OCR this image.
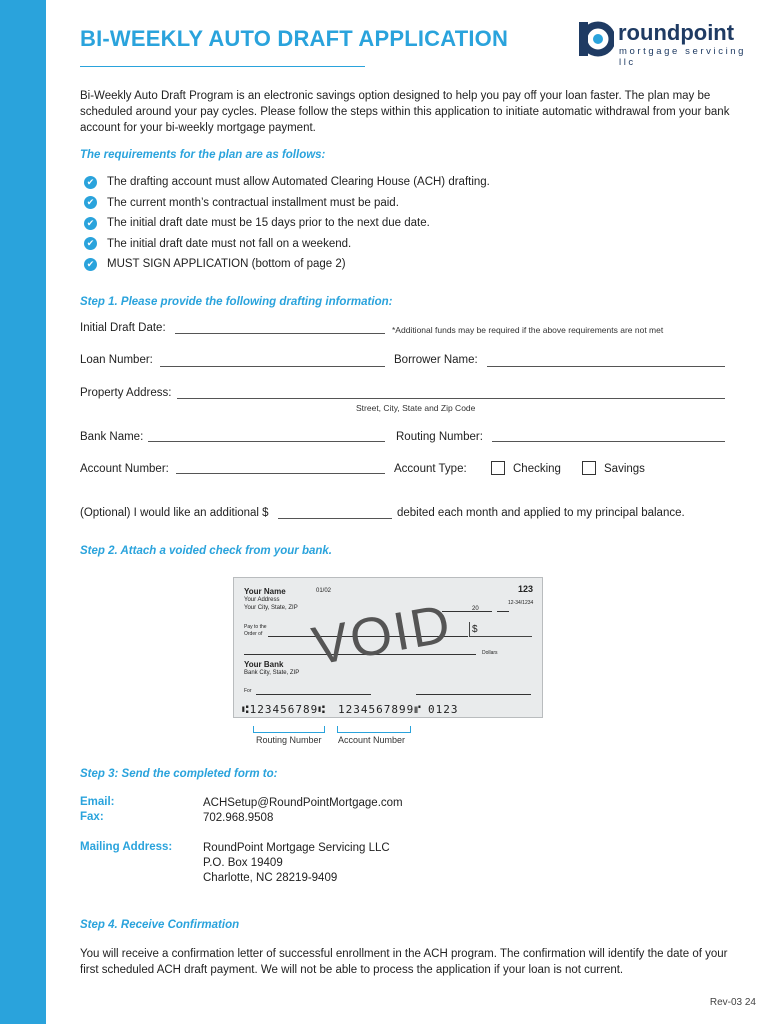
BI-WEEKLY AUTO DRAFT APPLICATION	roundpoint
mortgage servicing llc
Bi-Weekly Auto Draft Program is an electronic savings option designed to help you pay off your loan faster. The plan may be scheduled around your pay cycles. Please follow the steps within this application to initiate automatic withdrawal from your bank account for your bi-weekly mortgage payment.
The requirements for the plan are as follows:
✔ The drafting account must allow Automated Clearing House (ACH) drafting.
✔ The current month’s contractual installment must be paid.
✔ The initial draft date must be 15 days prior to the next due date.
✔ The initial draft date must not fall on a weekend.
✔ MUST SIGN APPLICATION (bottom of page 2)
Step 1. Please provide the following drafting information:
Initial Draft Date:	*Additional funds may be required if the above requirements are not met
Loan Number:	Borrower Name:
Property Address:
Street, City, State and Zip Code
Bank Name:	Routing Number:
Account Number:	Account Type:	Checking	Savings
(Optional) I would like an additional $	debited each month and applied to my principal balance.
Step 2. Attach a voided check from your bank.
Your Name	01/02
Your Address
Your City, State, ZIP
123
12-34/1234
20
Pay to the
Order of	$
Dollars
Your Bank
Bank City, State, ZIP
For
VOID
⑆123456789⑆ 1234567899⑈ 0123
Routing Number Account Number
Step 3: Send the completed form to:
Email:	ACHSetup@RoundPointMortgage.com
Fax:	702.968.9508
Mailing Address:	RoundPoint Mortgage Servicing LLC
P.O. Box 19409
Charlotte, NC 28219-9409
Step 4. Receive Confirmation
You will receive a confirmation letter of successful enrollment in the ACH program. The confirmation will identify the date of your first scheduled ACH draft payment. We will not be able to process the application if your loan is not current.
Rev-03 24
